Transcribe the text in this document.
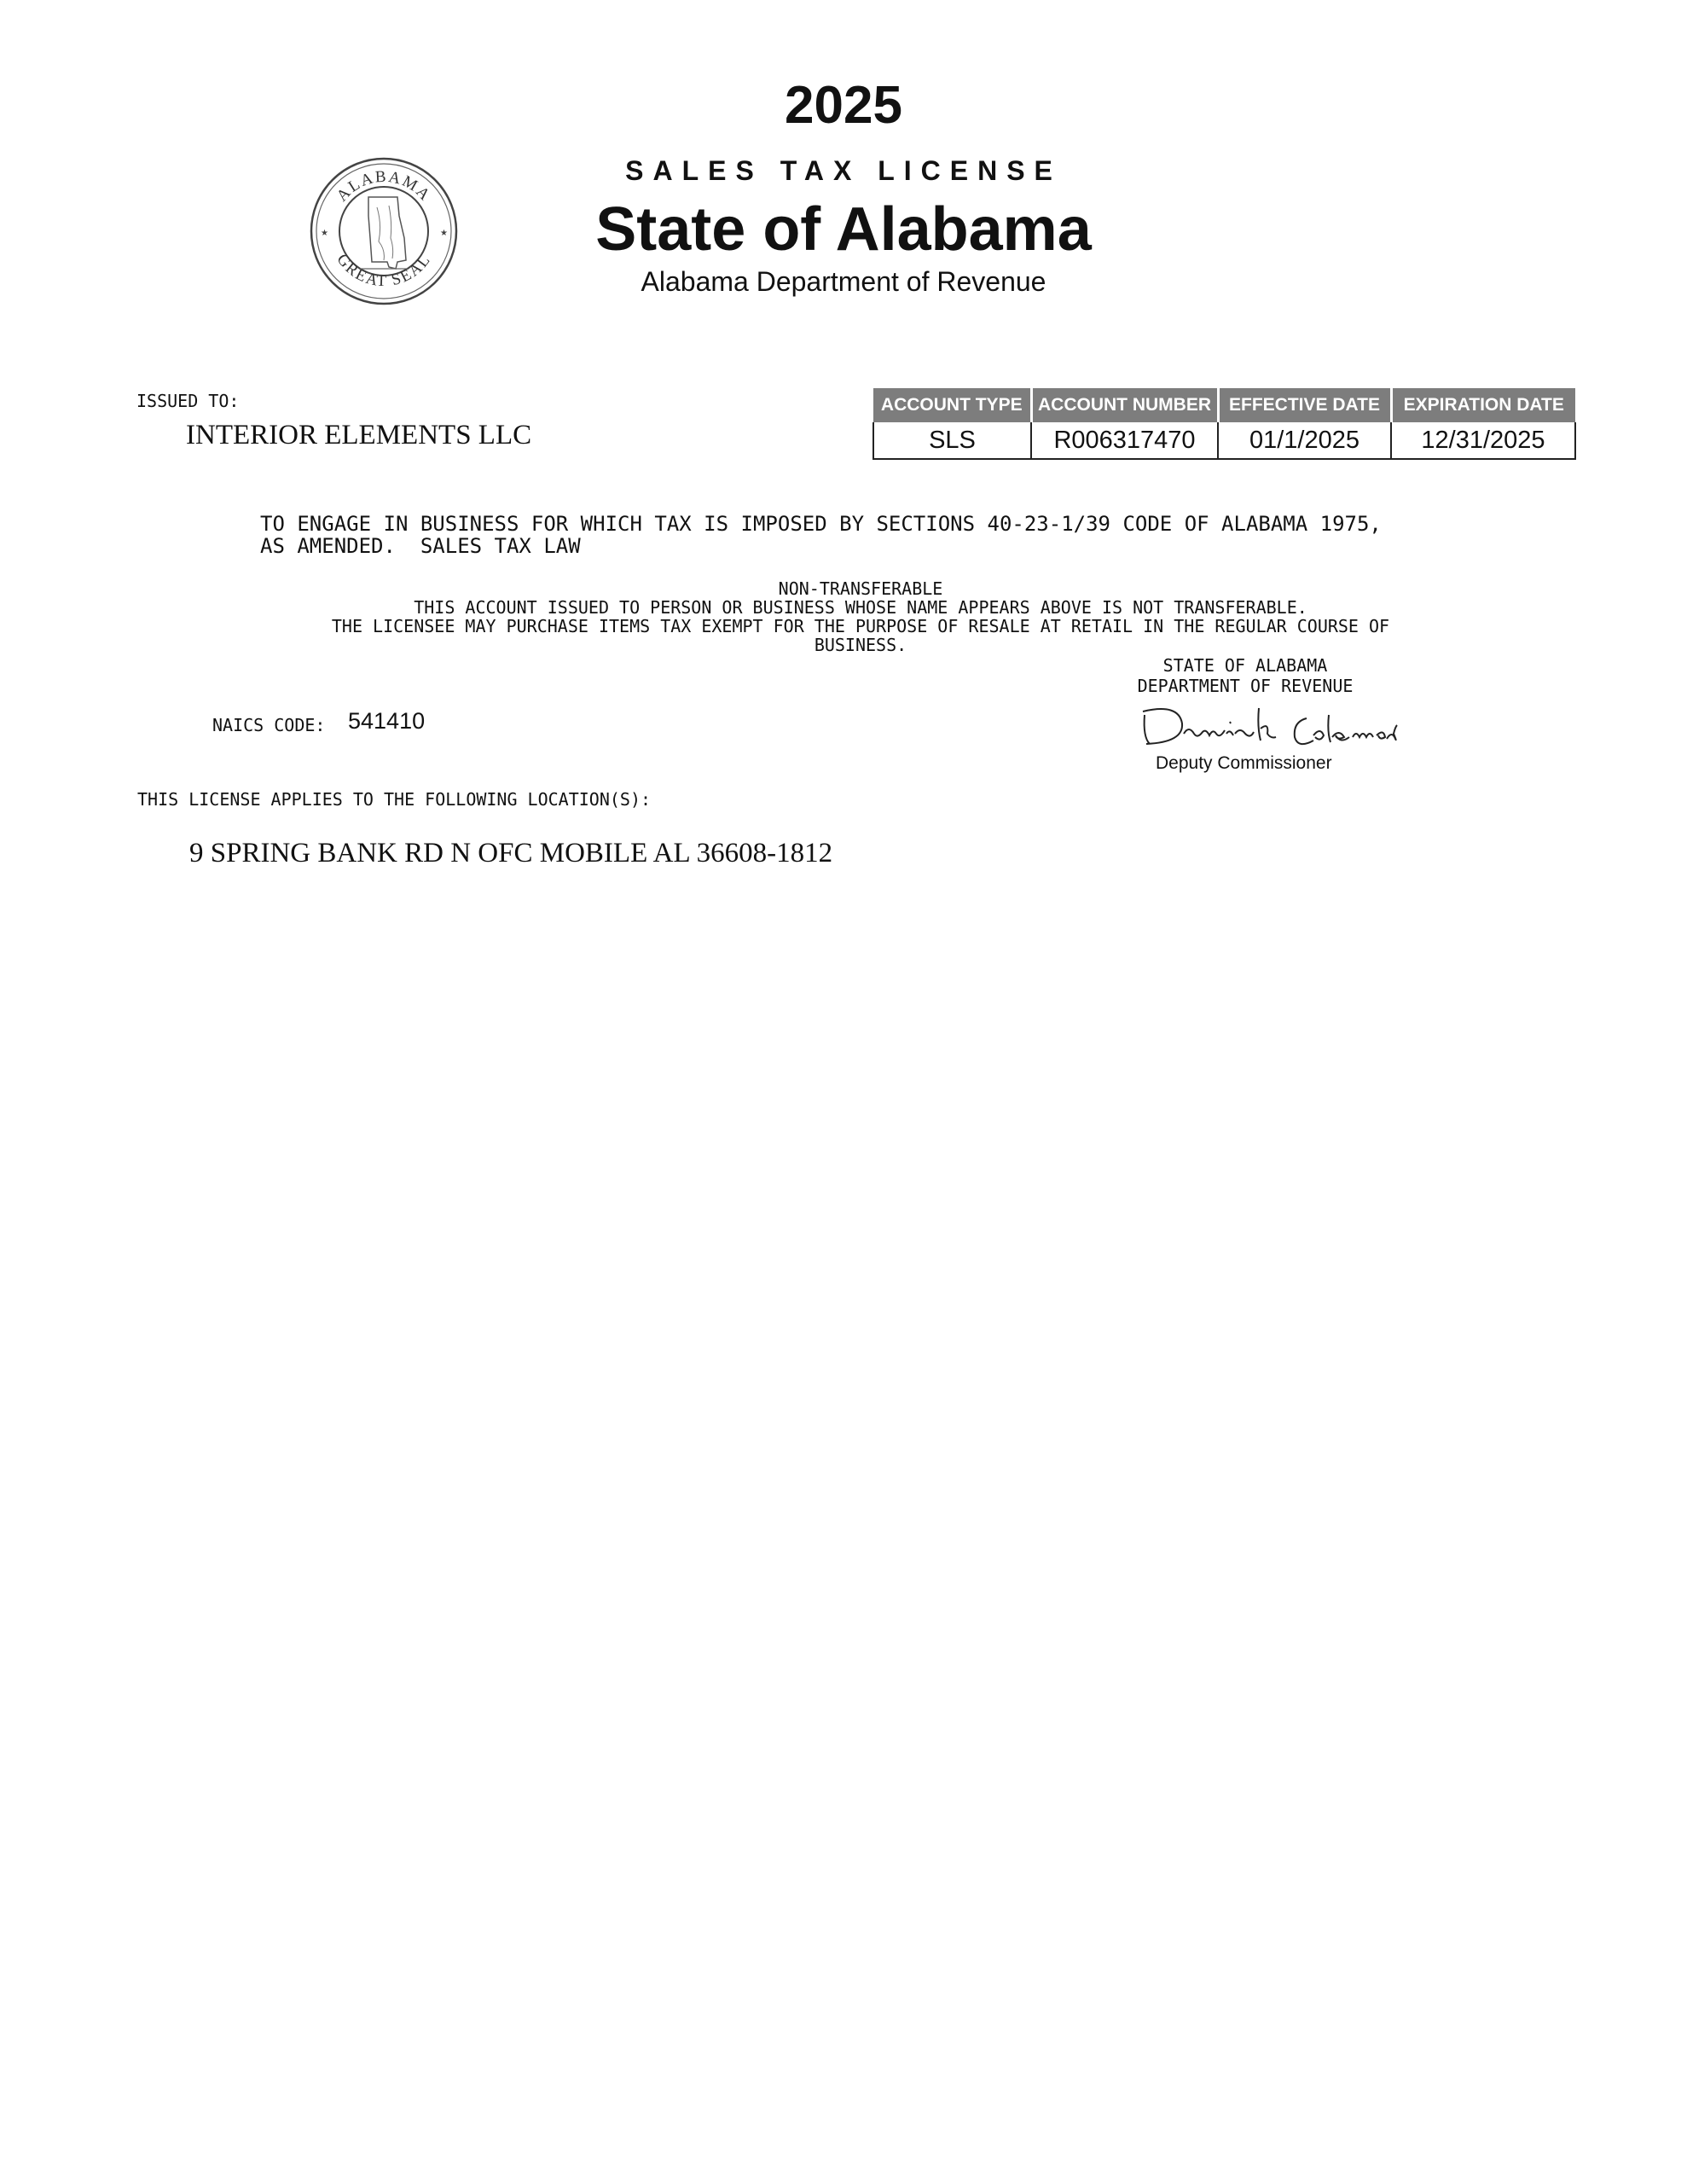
2025
SALES TAX LICENSE
State of Alabama
Alabama Department of Revenue
ALABAMA
GREAT SEAL
★	★
ISSUED TO:
INTERIOR ELEMENTS LLC
ACCOUNT TYPE	ACCOUNT NUMBER	EFFECTIVE DATE	EXPIRATION DATE
SLS	R006317470	01/1/2025	12/31/2025
TO ENGAGE IN BUSINESS FOR WHICH TAX IS IMPOSED BY SECTIONS 40-23-1/39 CODE OF ALABAMA 1975,
AS AMENDED.  SALES TAX LAW
NON-TRANSFERABLE
THIS ACCOUNT ISSUED TO PERSON OR BUSINESS WHOSE NAME APPEARS ABOVE IS NOT TRANSFERABLE.
THE LICENSEE MAY PURCHASE ITEMS TAX EXEMPT FOR THE PURPOSE OF RESALE AT RETAIL IN THE REGULAR COURSE OF
BUSINESS.
STATE OF ALABAMA
DEPARTMENT OF REVENUE
Deputy Commissioner
NAICS CODE: 541410
THIS LICENSE APPLIES TO THE FOLLOWING LOCATION(S):
9 SPRING BANK RD N OFC MOBILE AL 36608-1812
